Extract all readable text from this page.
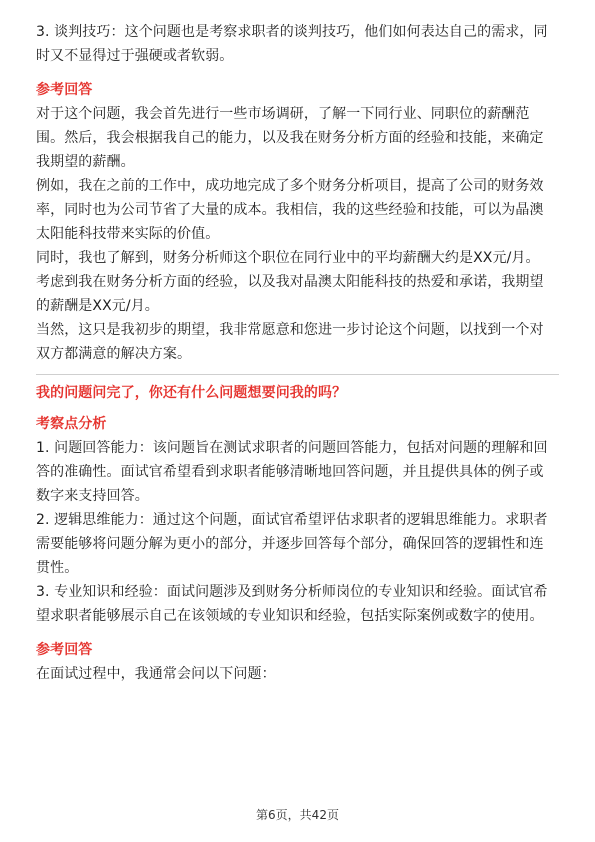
3. 谈判技巧：这个问题也是考察求职者的谈判技巧，他们如何表达自己的需求，同

时又不显得过于强硬或者软弱。

参考回答

对于这个问题，我会首先进行一些市场调研，了解一下同行业、同职位的薪酬范

围。然后，我会根据我自己的能力，以及我在财务分析方面的经验和技能，来确定

我期望的薪酬。

例如，我在之前的工作中，成功地完成了多个财务分析项目，提高了公司的财务效

率，同时也为公司节省了大量的成本。我相信，我的这些经验和技能，可以为晶澳

太阳能科技带来实际的价值。

同时，我也了解到，财务分析师这个职位在同行业中的平均薪酬大约是XX元/月。

考虑到我在财务分析方面的经验，以及我对晶澳太阳能科技的热爱和承诺，我期望

的薪酬是XX元/月。

当然，这只是我初步的期望，我非常愿意和您进一步讨论这个问题，以找到一个对

双方都满意的解决方案。

我的问题问完了，你还有什么问题想要问我的吗？

考察点分析

1. 问题回答能力：该问题旨在测试求职者的问题回答能力，包括对问题的理解和回

答的准确性。面试官希望看到求职者能够清晰地回答问题，并且提供具体的例子或

数字来支持回答。

2. 逻辑思维能力：通过这个问题，面试官希望评估求职者的逻辑思维能力。求职者

需要能够将问题分解为更小的部分，并逐步回答每个部分，确保回答的逻辑性和连

贯性。

3. 专业知识和经验：面试问题涉及到财务分析师岗位的专业知识和经验。面试官希

望求职者能够展示自己在该领域的专业知识和经验，包括实际案例或数字的使用。

参考回答

在面试过程中，我通常会问以下问题：

第6页，共42页
